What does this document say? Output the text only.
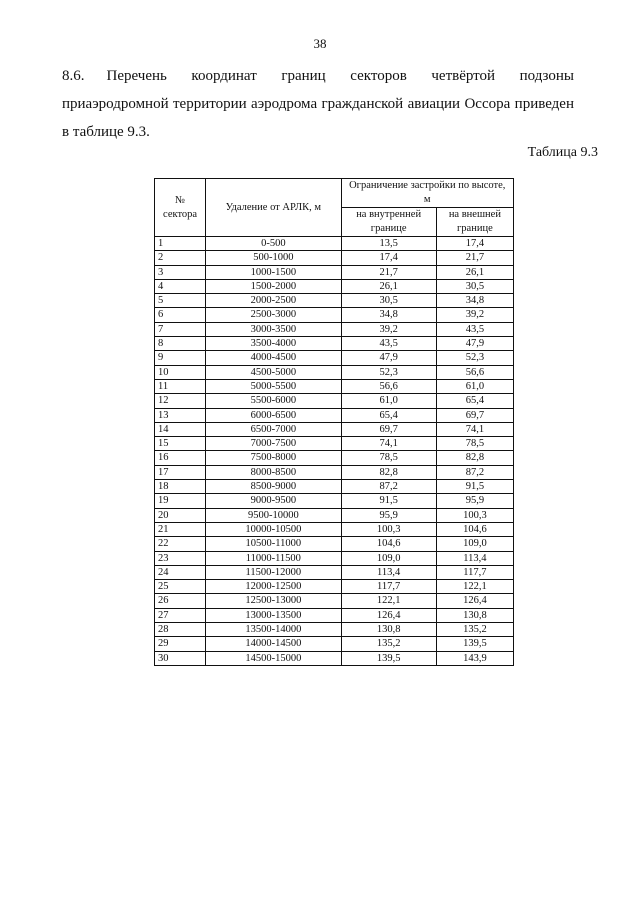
38
8.6. Перечень координат границ секторов четвёртой подзоны приаэродромной территории аэродрома гражданской авиации Оссора приведен в таблице 9.3.
Таблица 9.3
№ сектора	Удаление от АРЛК, м	Ограничение застройки по высоте, м	
		на внутренней границе	на внешней границе
1	0-500	13,5	17,4
2	500-1000	17,4	21,7
3	1000-1500	21,7	26,1
4	1500-2000	26,1	30,5
5	2000-2500	30,5	34,8
6	2500-3000	34,8	39,2
7	3000-3500	39,2	43,5
8	3500-4000	43,5	47,9
9	4000-4500	47,9	52,3
10	4500-5000	52,3	56,6
11	5000-5500	56,6	61,0
12	5500-6000	61,0	65,4
13	6000-6500	65,4	69,7
14	6500-7000	69,7	74,1
15	7000-7500	74,1	78,5
16	7500-8000	78,5	82,8
17	8000-8500	82,8	87,2
18	8500-9000	87,2	91,5
19	9000-9500	91,5	95,9
20	9500-10000	95,9	100,3
21	10000-10500	100,3	104,6
22	10500-11000	104,6	109,0
23	11000-11500	109,0	113,4
24	11500-12000	113,4	117,7
25	12000-12500	117,7	122,1
26	12500-13000	122,1	126,4
27	13000-13500	126,4	130,8
28	13500-14000	130,8	135,2
29	14000-14500	135,2	139,5
30	14500-15000	139,5	143,9
